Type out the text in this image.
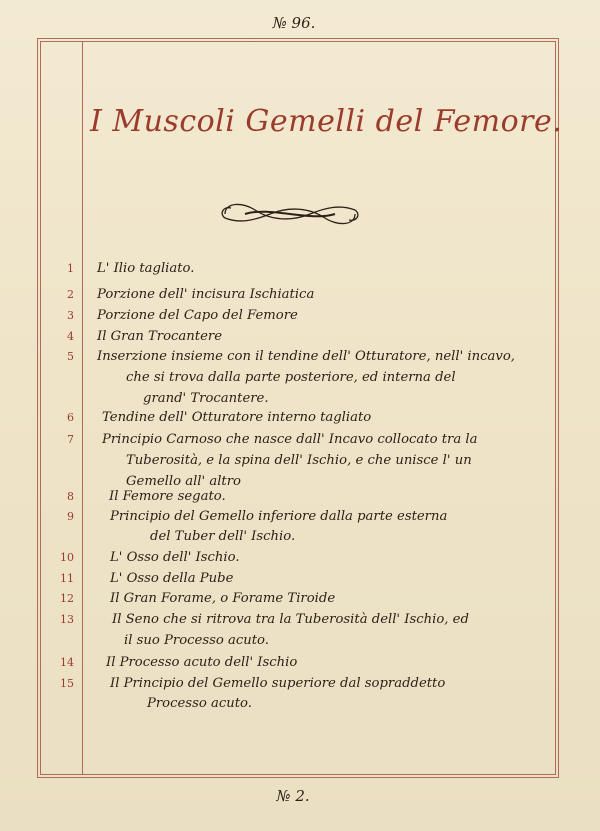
№ 96.
I Muscoli Gemelli del Femore.
1 L' Ilio tagliato.
2 Porzione dell' incisura Ischiatica
3 Porzione del Capo del Femore
4 Il Gran Trocantere
5 Inserzione insieme con il tendine dell' Otturatore, nell' incavo,
che si trova dalla parte posteriore, ed interna del
grand' Trocantere.
6 Tendine dell' Otturatore interno tagliato
7 Principio Carnoso che nasce dall' Incavo collocato tra la
Tuberosità, e la spina dell' Ischio, e che unisce l' un
Gemello all' altro
8	Il Femore segato.
9	Principio del Gemello inferiore dalla parte esterna
del Tuber dell' Ischio.
10	L' Osso dell' Ischio.
11	L' Osso della Pube
12	Il Gran Forame, o Forame Tiroide
13	Il Seno che si ritrova tra la Tuberosità dell' Ischio, ed
il suo Processo acuto.
14 Il Processo acuto dell' Ischio
15	Il Principio del Gemello superiore dal sopraddetto
Processo acuto.
№ 2.
